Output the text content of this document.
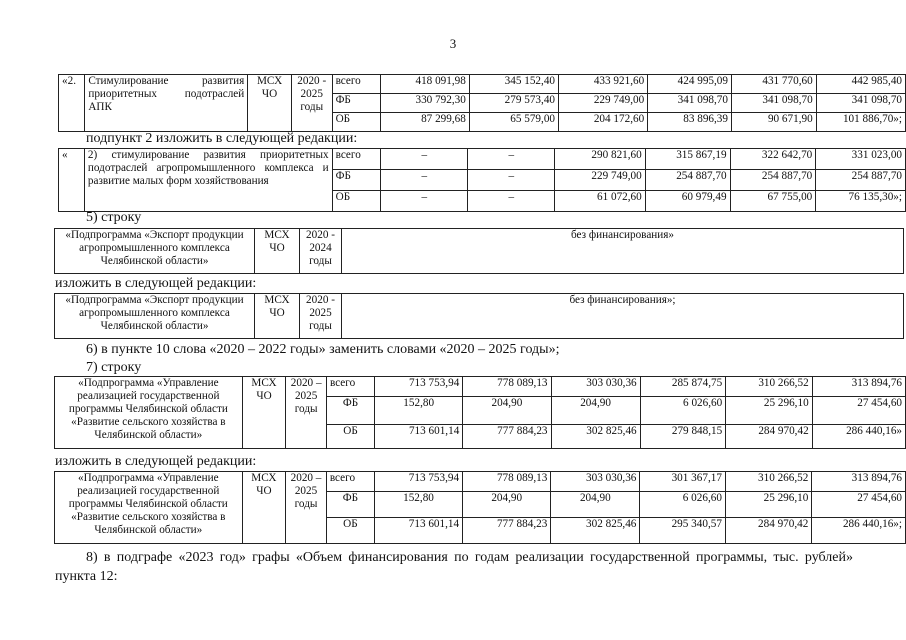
3
«2.	Стимулирование развития приоритетных подотраслей АПК	МСХ ЧО	2020 - 2025 годы	всего	418 091,98	345 152,40	433 921,60	424 995,09	431 770,60	442 985,40
				ФБ	330 792,30	279 573,40	229 749,00	341 098,70	341 098,70	341 098,70
				ОБ	87 299,68	65 579,00	204 172,60	83 896,39	90 671,90	101 886,70»;
подпункт 2 изложить в следующей редакции:
«	2) стимулирование развития приоритетных подотраслей агропромышленного комплекса и развитие малых форм хозяйствования	всего	–	–	290 821,60	315 867,19	322 642,70	331 023,00
		ФБ	–	–	229 749,00	254 887,70	254 887,70	254 887,70
		ОБ	–	–	61 072,60	60 979,49	67 755,00	76 135,30»;
5) строку
«Подпрограмма «Экспорт продукции агропромышленного комплекса Челябинской области»	МСХ ЧО	2020 - 2024 годы	без финансирования»
изложить в следующей редакции:
«Подпрограмма «Экспорт продукции агропромышленного комплекса Челябинской области»	МСХ ЧО	2020 - 2025 годы	без финансирования»;
6) в пункте 10 слова «2020 – 2022 годы» заменить словами «2020 – 2025 годы»;
7) строку
«Подпрограмма «Управление реализацией государственной программы Челябинской области «Развитие сельского хозяйства в Челябинской области»	МСХ ЧО	2020 – 2025 годы	всего	713 753,94	778 089,13	303 030,36	285 874,75	310 266,52	313 894,76
			ФБ	152,80	204,90	204,90	6 026,60	25 296,10	27 454,60
			ОБ	713 601,14	777 884,23	302 825,46	279 848,15	284 970,42	286 440,16»
изложить в следующей редакции:
«Подпрограмма «Управление реализацией государственной программы Челябинской области «Развитие сельского хозяйства в Челябинской области»	МСХ ЧО	2020 – 2025 годы	всего	713 753,94	778 089,13	303 030,36	301 367,17	310 266,52	313 894,76
			ФБ	152,80	204,90	204,90	6 026,60	25 296,10	27 454,60
			ОБ	713 601,14	777 884,23	302 825,46	295 340,57	284 970,42	286 440,16»;
8) в подграфе «2023 год» графы «Объем финансирования по годам реализации государственной программы, тыс. рублей» пункта 12:
